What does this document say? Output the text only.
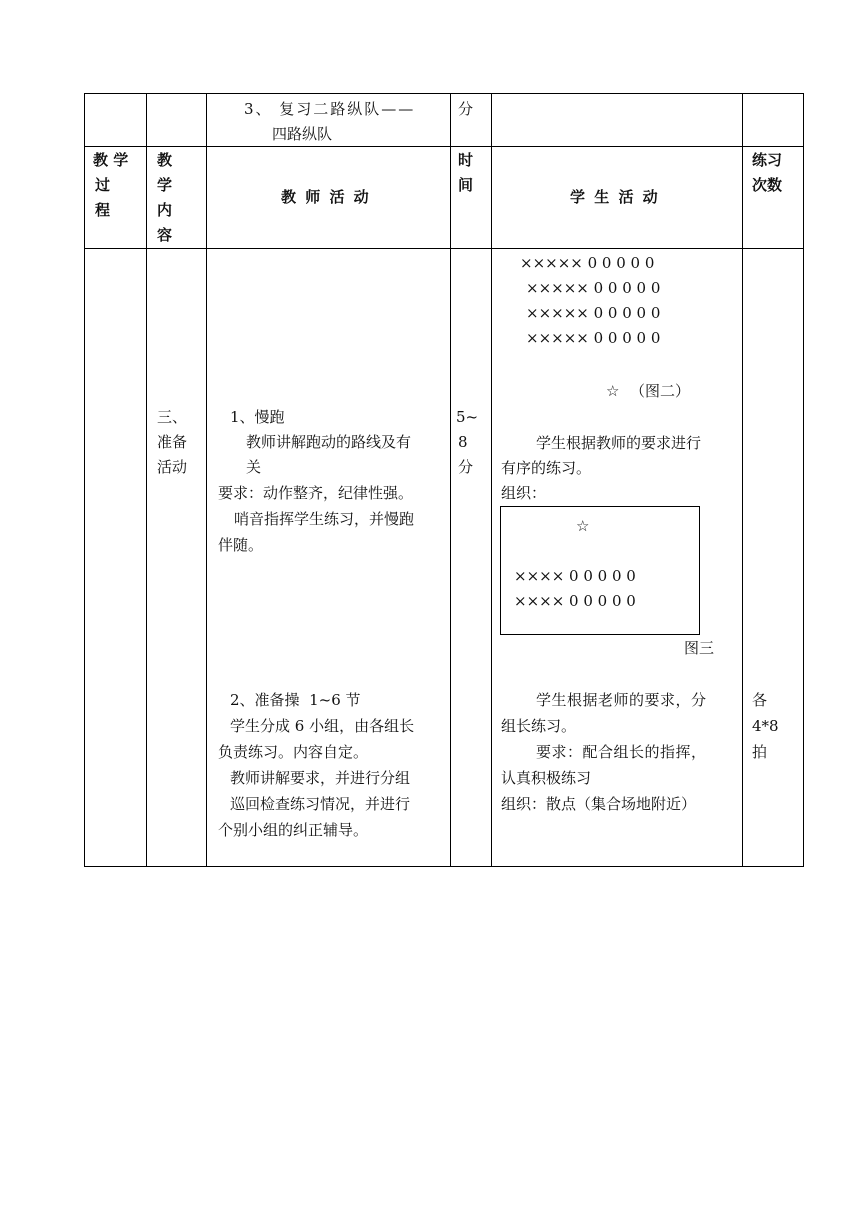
3、 复习二路纵队——
四路纵队
分
教 学
过
程
教
学
内
容
教 师 活 动
时
间
学 生 活 动
练习
次数
三、
准备
活动
1、慢跑
教师讲解跑动的路线及有
关
要求：动作整齐，纪律性强。
哨音指挥学生练习，并慢跑
伴随。
5~
8
分
××××× 0 0 0 0 0
××××× 0 0 0 0 0
××××× 0 0 0 0 0
××××× 0 0 0 0 0
☆ （图二）
学生根据教师的要求进行
有序的练习。
组织：
☆
×××× 0 0 0 0 0
×××× 0 0 0 0 0
图三
2、准备操  1~6 节
学生分成 6 小组，由各组长
负责练习。内容自定。
教师讲解要求，并进行分组
巡回检查练习情况，并进行
个别小组的纠正辅导。
学生根据老师的要求，分
组长练习。
要求：配合组长的指挥，
认真积极练习
组织：散点（集合场地附近）
各
4*8
拍
